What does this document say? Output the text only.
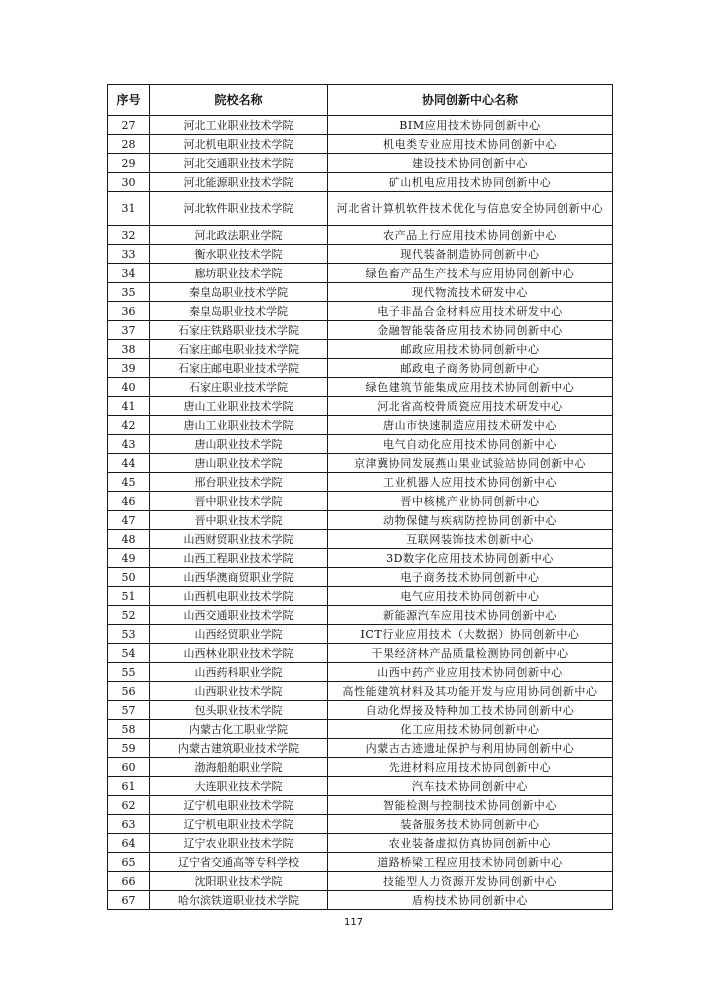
序号	院校名称	协同创新中心名称
27	河北工业职业技术学院	BIM应用技术协同创新中心
28	河北机电职业技术学院	机电类专业应用技术协同创新中心
29	河北交通职业技术学院	建设技术协同创新中心
30	河北能源职业技术学院	矿山机电应用技术协同创新中心
31	河北软件职业技术学院	河北省计算机软件技术优化与信息安全协同创新中心
32	河北政法职业学院	农产品上行应用技术协同创新中心
33	衡水职业技术学院	现代装备制造协同创新中心
34	廊坊职业技术学院	绿色畜产品生产技术与应用协同创新中心
35	秦皇岛职业技术学院	现代物流技术研发中心
36	秦皇岛职业技术学院	电子非晶合金材料应用技术研发中心
37	石家庄铁路职业技术学院	金融智能装备应用技术协同创新中心
38	石家庄邮电职业技术学院	邮政应用技术协同创新中心
39	石家庄邮电职业技术学院	邮政电子商务协同创新中心
40	石家庄职业技术学院	绿色建筑节能集成应用技术协同创新中心
41	唐山工业职业技术学院	河北省高校骨质瓷应用技术研发中心
42	唐山工业职业技术学院	唐山市快速制造应用技术研发中心
43	唐山职业技术学院	电气自动化应用技术协同创新中心
44	唐山职业技术学院	京津冀协同发展燕山果业试验站协同创新中心
45	邢台职业技术学院	工业机器人应用技术协同创新中心
46	晋中职业技术学院	晋中核桃产业协同创新中心
47	晋中职业技术学院	动物保健与疾病防控协同创新中心
48	山西财贸职业技术学院	互联网装饰技术创新中心
49	山西工程职业技术学院	3D数字化应用技术协同创新中心
50	山西华澳商贸职业学院	电子商务技术协同创新中心
51	山西机电职业技术学院	电气应用技术协同创新中心
52	山西交通职业技术学院	新能源汽车应用技术协同创新中心
53	山西经贸职业学院	ICT行业应用技术（大数据）协同创新中心
54	山西林业职业技术学院	干果经济林产品质量检测协同创新中心
55	山西药科职业学院	山西中药产业应用技术协同创新中心
56	山西职业技术学院	高性能建筑材料及其功能开发与应用协同创新中心
57	包头职业技术学院	自动化焊接及特种加工技术协同创新中心
58	内蒙古化工职业学院	化工应用技术协同创新中心
59	内蒙古建筑职业技术学院	内蒙古古迹遗址保护与利用协同创新中心
60	渤海船舶职业学院	先进材料应用技术协同创新中心
61	大连职业技术学院	汽车技术协同创新中心
62	辽宁机电职业技术学院	智能检测与控制技术协同创新中心
63	辽宁机电职业技术学院	装备服务技术协同创新中心
64	辽宁农业职业技术学院	农业装备虚拟仿真协同创新中心
65	辽宁省交通高等专科学校	道路桥梁工程应用技术协同创新中心
66	沈阳职业技术学院	技能型人力资源开发协同创新中心
67	哈尔滨铁道职业技术学院	盾构技术协同创新中心
117
